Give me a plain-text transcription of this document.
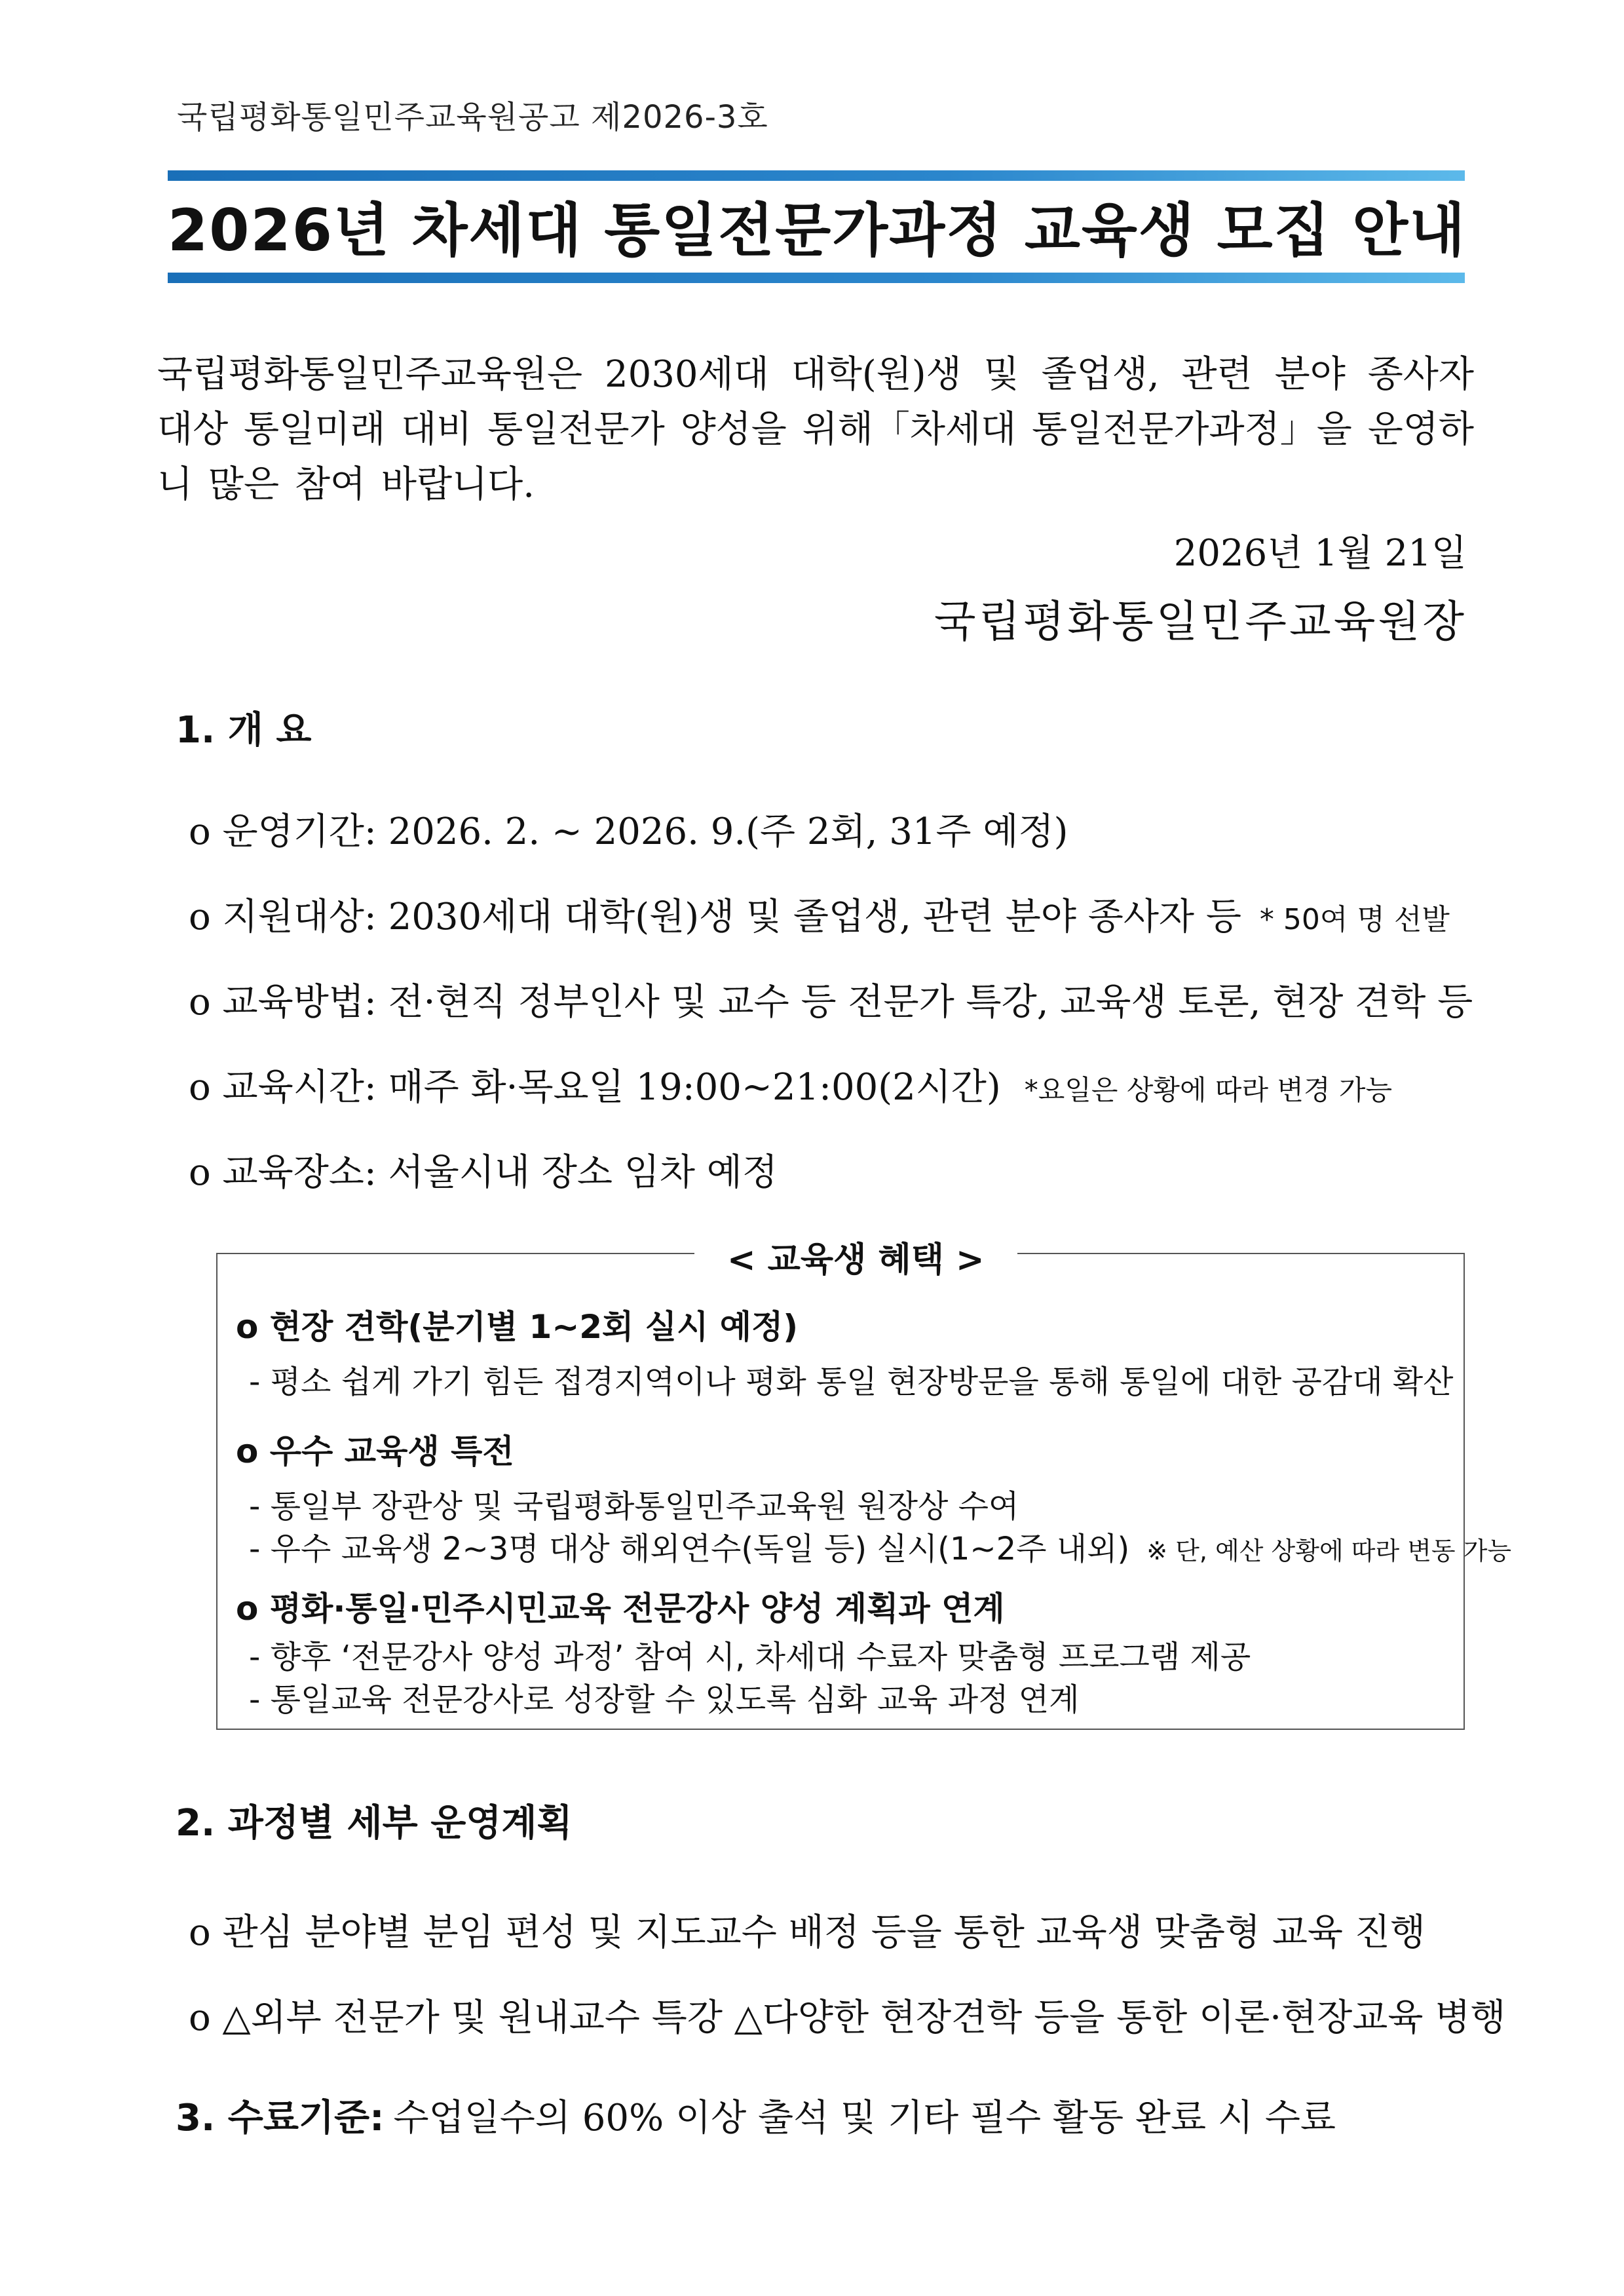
국립평화통일민주교육원공고 제2026-3호
2026년 차세대 통일전문가과정 교육생 모집 안내
국립평화통일민주교육원은 2030세대 대학(원)생 및 졸업생, 관련 분야 종사자 대상 통일미래 대비 통일전문가 양성을 위해「차세대 통일전문가과정」을 운영하니 많은 참여 바랍니다.
2026년 1월 21일
국립평화통일민주교육원장
1. 개 요
o 운영기간: 2026. 2. ~ 2026. 9.(주 2회, 31주 예정)
o 지원대상: 2030세대 대학(원)생 및 졸업생, 관련 분야 종사자 등 * 50여 명 선발
o 교육방법: 전·현직 정부인사 및 교수 등 전문가 특강, 교육생 토론, 현장 견학 등
o 교육시간: 매주 화·목요일 19:00~21:00(2시간) *요일은 상황에 따라 변경 가능
o 교육장소: 서울시내 장소 임차 예정
< 교육생 혜택 >
o 현장 견학(분기별 1~2회 실시 예정)
- 평소 쉽게 가기 힘든 접경지역이나 평화 통일 현장방문을 통해 통일에 대한 공감대 확산
o 우수 교육생 특전
- 통일부 장관상 및 국립평화통일민주교육원 원장상 수여
- 우수 교육생 2~3명 대상 해외연수(독일 등) 실시(1~2주 내외) ※ 단, 예산 상황에 따라 변동 가능
o 평화·통일·민주시민교육 전문강사 양성 계획과 연계
- 향후 ‘전문강사 양성 과정’ 참여 시, 차세대 수료자 맞춤형 프로그램 제공
- 통일교육 전문강사로 성장할 수 있도록 심화 교육 과정 연계
2. 과정별 세부 운영계획
o 관심 분야별 분임 편성 및 지도교수 배정 등을 통한 교육생 맞춤형 교육 진행
o △외부 전문가 및 원내교수 특강 △다양한 현장견학 등을 통한 이론·현장교육 병행
3. 수료기준: 수업일수의 60% 이상 출석 및 기타 필수 활동 완료 시 수료
